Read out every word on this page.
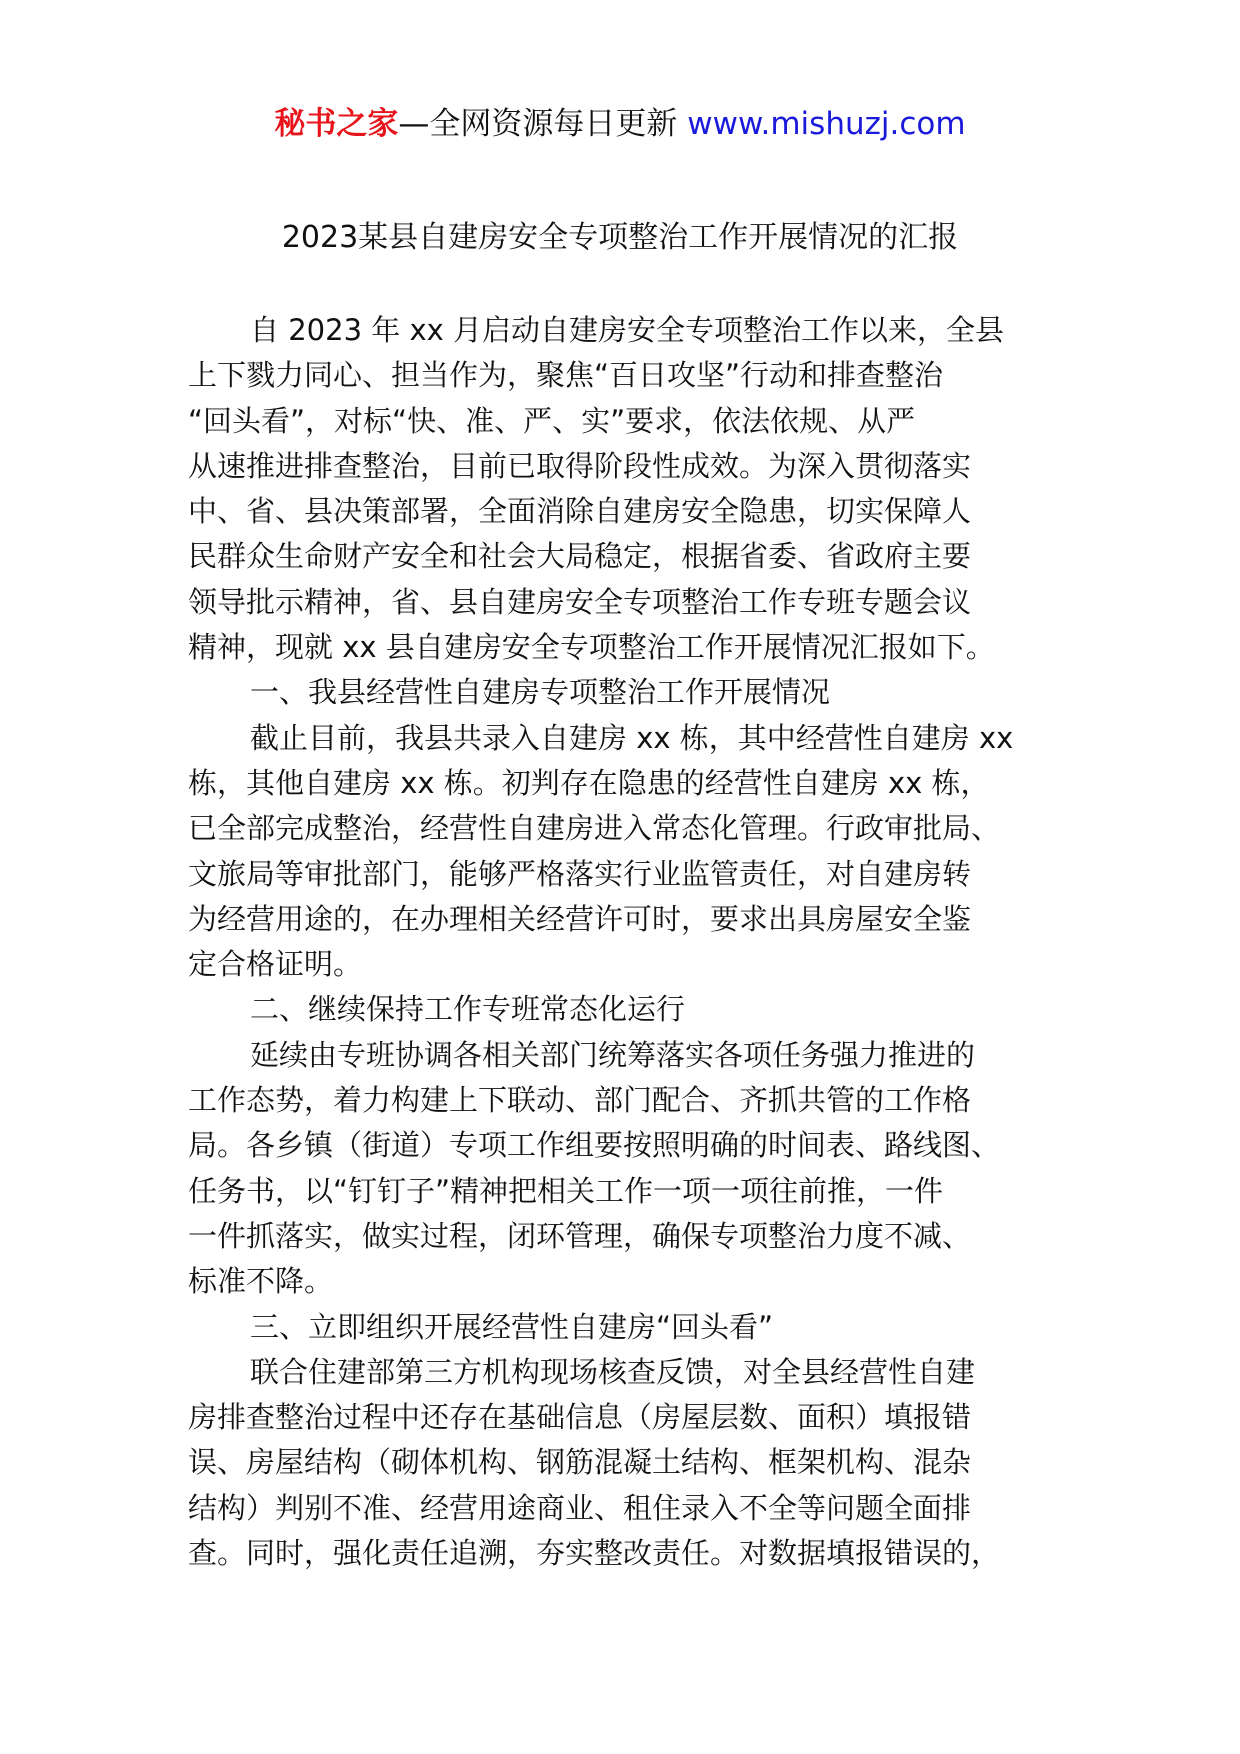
秘书之家—全网资源每日更新 www.mishuzj.com
2023某县自建房安全专项整治工作开展情况的汇报
自 2023 年 xx 月启动自建房安全专项整治工作以来，全县
上下戮力同心、担当作为，聚焦“百日攻坚”行动和排查整治
“回头看”，对标“快、准、严、实”要求，依法依规、从严
从速推进排查整治，目前已取得阶段性成效。为深入贯彻落实
中、省、县决策部署，全面消除自建房安全隐患，切实保障人
民群众生命财产安全和社会大局稳定，根据省委、省政府主要
领导批示精神，省、县自建房安全专项整治工作专班专题会议
精神，现就 xx 县自建房安全专项整治工作开展情况汇报如下。
一、我县经营性自建房专项整治工作开展情况
截止目前，我县共录入自建房 xx 栋，其中经营性自建房 xx
栋，其他自建房 xx 栋。初判存在隐患的经营性自建房 xx 栋，
已全部完成整治，经营性自建房进入常态化管理。行政审批局、
文旅局等审批部门，能够严格落实行业监管责任，对自建房转
为经营用途的，在办理相关经营许可时，要求出具房屋安全鉴
定合格证明。
二、继续保持工作专班常态化运行
延续由专班协调各相关部门统筹落实各项任务强力推进的
工作态势，着力构建上下联动、部门配合、齐抓共管的工作格
局。各乡镇（街道）专项工作组要按照明确的时间表、路线图、
任务书，以“钉钉子”精神把相关工作一项一项往前推，一件
一件抓落实，做实过程，闭环管理，确保专项整治力度不减、
标准不降。
三、立即组织开展经营性自建房“回头看”
联合住建部第三方机构现场核查反馈，对全县经营性自建
房排查整治过程中还存在基础信息（房屋层数、面积）填报错
误、房屋结构（砌体机构、钢筋混凝土结构、框架机构、混杂
结构）判别不准、经营用途商业、租住录入不全等问题全面排
查。同时，强化责任追溯，夯实整改责任。对数据填报错误的，
